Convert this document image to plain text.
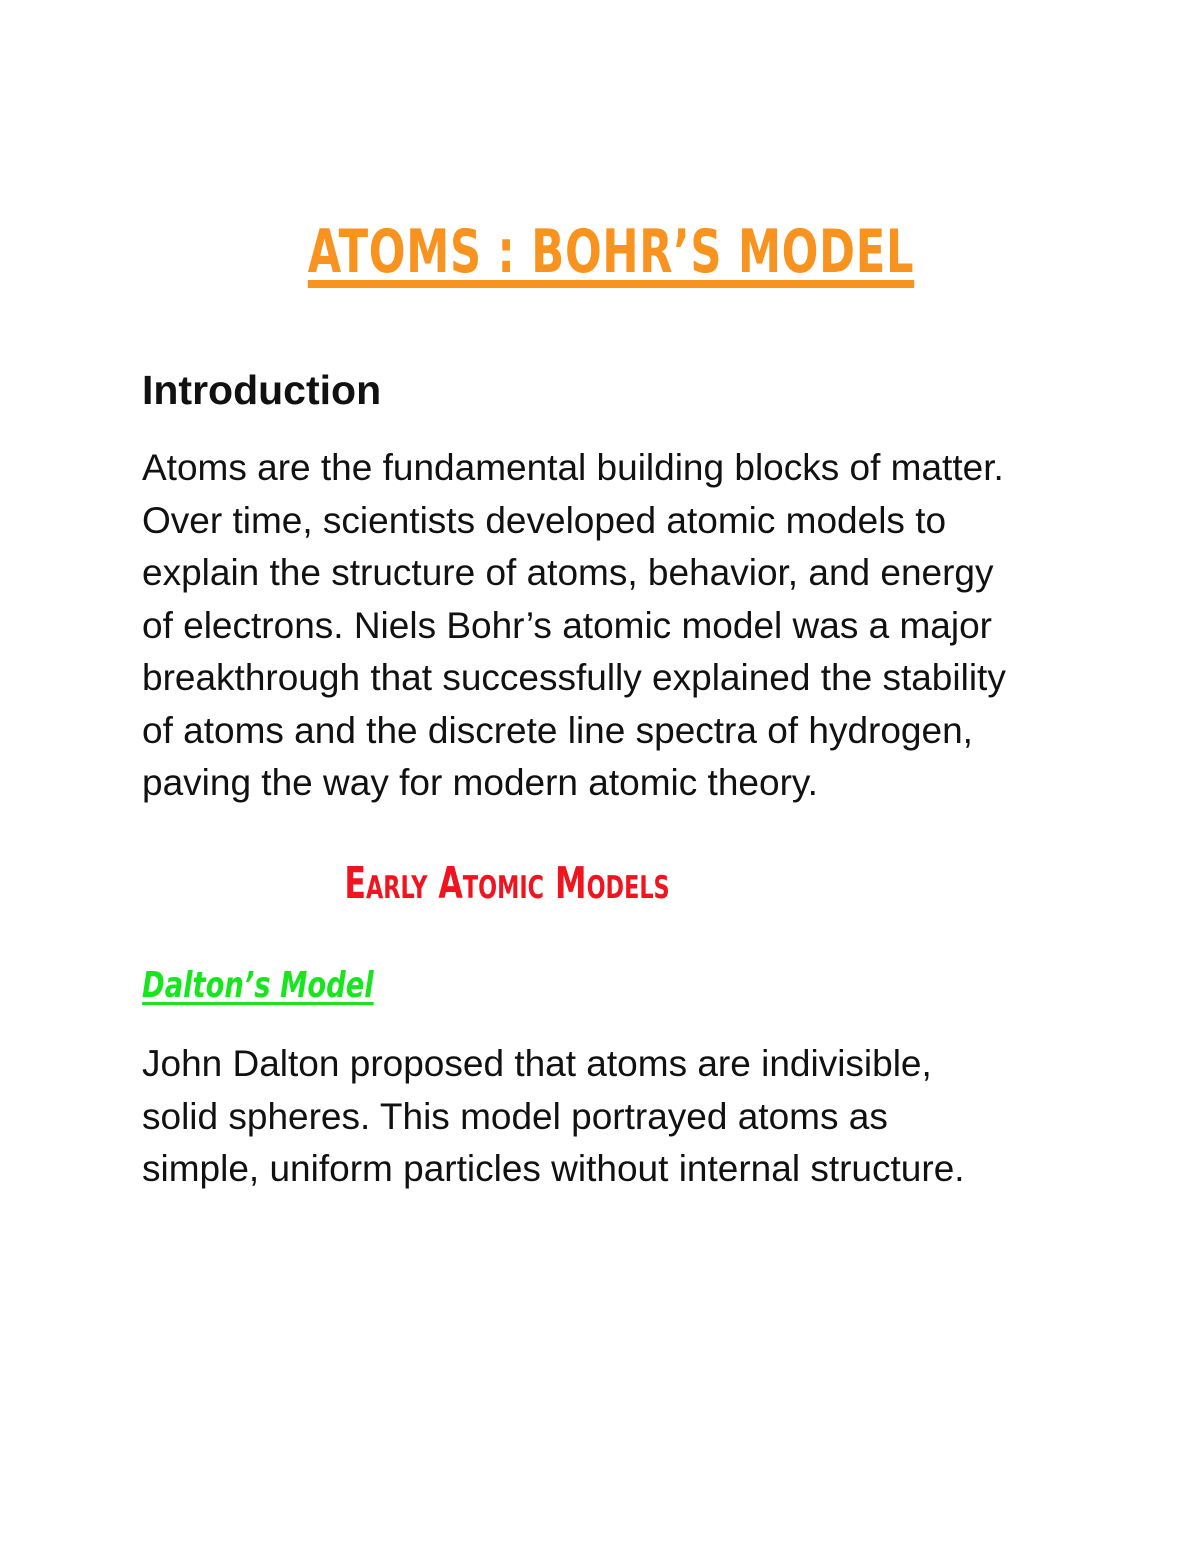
ATOMS : BOHR’S MODEL
Introduction

Atoms are the fundamental building blocks of matter.
Over time, scientists developed atomic models to
explain the structure of atoms, behavior, and energy
of electrons. Niels Bohr’s atomic model was a major
breakthrough that successfully explained the stability
of atoms and the discrete line spectra of hydrogen,
paving the way for modern atomic theory.

Early Atomic Models
Dalton’s Model

John Dalton proposed that atoms are indivisible,
solid spheres. This model portrayed atoms as
simple, uniform particles without internal structure.
